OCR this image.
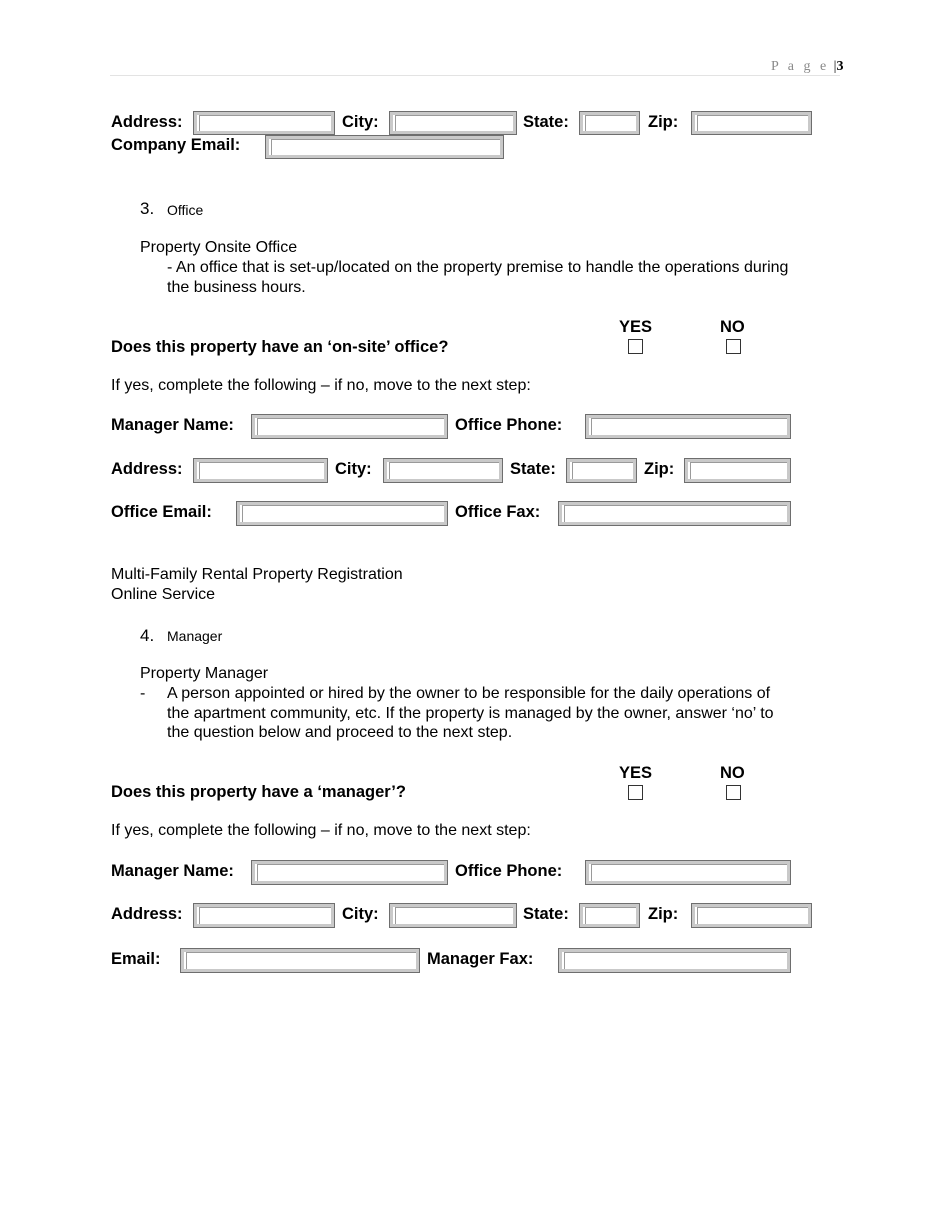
P a g e |3
Address:	City:	State:	Zip:
Company Email:
3. Office
Property Onsite Office
- An office that is set-up/located on the property premise to handle the operations during
the business hours.
YES	NO
Does this property have an ‘on-site’ office?
If yes, complete the following – if no, move to the next step:
Manager Name:	Office Phone:
Address:	City:	State:	Zip:
Office Email:	Office Fax:
Multi-Family Rental Property Registration
Online Service
4. Manager
Property Manager
- A person appointed or hired by the owner to be responsible for the daily operations of
the apartment community, etc. If the property is managed by the owner, answer ‘no’ to
the question below and proceed to the next step.
YES	NO
Does this property have a ‘manager’?
If yes, complete the following – if no, move to the next step:
Manager Name:	Office Phone:
Address:	City:	State:	Zip:
Email:	Manager Fax:
